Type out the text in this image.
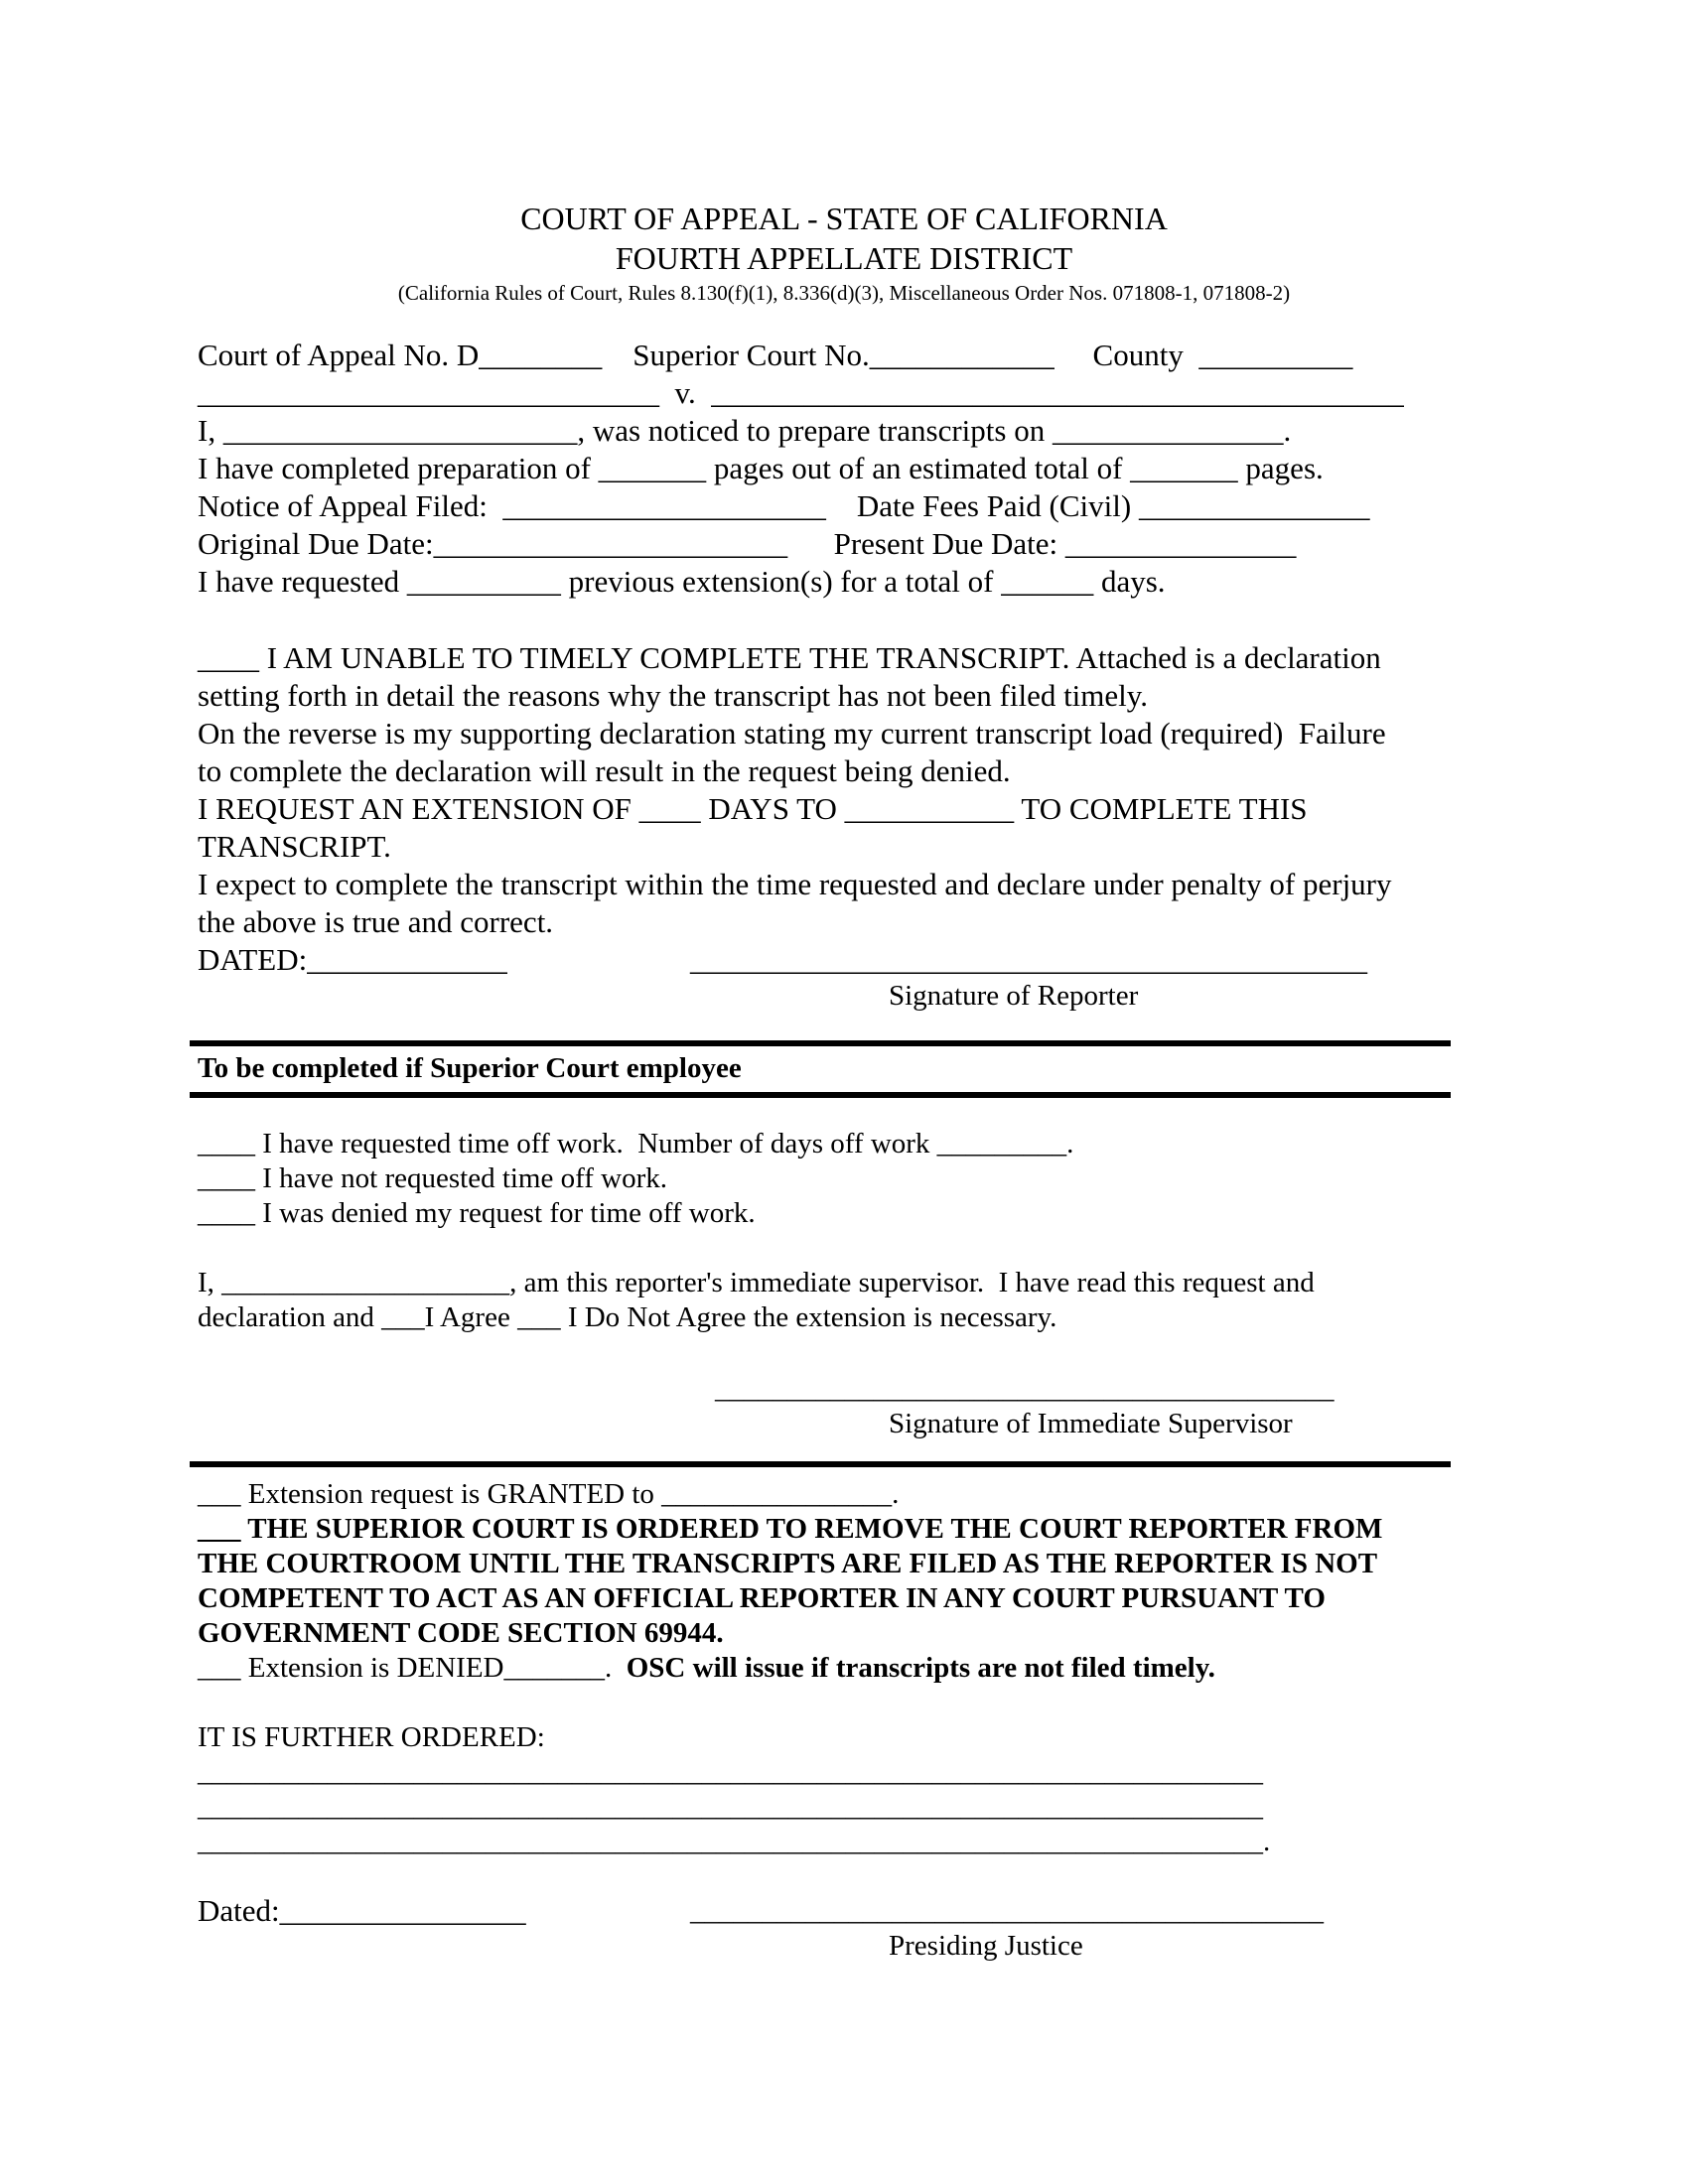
COURT OF APPEAL - STATE OF CALIFORNIA
FOURTH APPELLATE DISTRICT
(California Rules of Court, Rules 8.130(f)(1), 8.336(d)(3), Miscellaneous Order Nos. 071808-1, 071808-2)
Court of Appeal No. D________    Superior Court No.____________     County  __________
______________________________  v.  _____________________________________________
I, _______________________, was noticed to prepare transcripts on _______________.
I have completed preparation of _______ pages out of an estimated total of _______ pages.
Notice of Appeal Filed:  _____________________    Date Fees Paid (Civil) _______________
Original Due Date:_______________________      Present Due Date: _______________
I have requested __________ previous extension(s) for a total of ______ days.
____ I AM UNABLE TO TIMELY COMPLETE THE TRANSCRIPT. Attached is a declaration
setting forth in detail the reasons why the transcript has not been filed timely.
On the reverse is my supporting declaration stating my current transcript load (required)  Failure
to complete the declaration will result in the request being denied.
I REQUEST AN EXTENSION OF ____ DAYS TO ___________ TO COMPLETE THIS
TRANSCRIPT.
I expect to complete the transcript within the time requested and declare under penalty of perjury
the above is true and correct.
DATED:_____________	____________________________________________
Signature of Reporter
To be completed if Superior Court employee
____ I have requested time off work.  Number of days off work _________.
____ I have not requested time off work.
____ I was denied my request for time off work.
I, ____________________, am this reporter's immediate supervisor.  I have read this request and
declaration and ___I Agree ___ I Do Not Agree the extension is necessary.
___________________________________________
Signature of Immediate Supervisor
___ Extension request is GRANTED to ________________.
___ THE SUPERIOR COURT IS ORDERED TO REMOVE THE COURT REPORTER FROM
THE COURTROOM UNTIL THE TRANSCRIPTS ARE FILED AS THE REPORTER IS NOT
COMPETENT TO ACT AS AN OFFICIAL REPORTER IN ANY COURT PURSUANT TO
GOVERNMENT CODE SECTION 69944.
___ Extension is DENIED_______.  OSC will issue if transcripts are not filed timely.
IT IS FURTHER ORDERED:
__________________________________________________________________________
__________________________________________________________________________
__________________________________________________________________________.
Dated:________________	____________________________________________
Presiding Justice
